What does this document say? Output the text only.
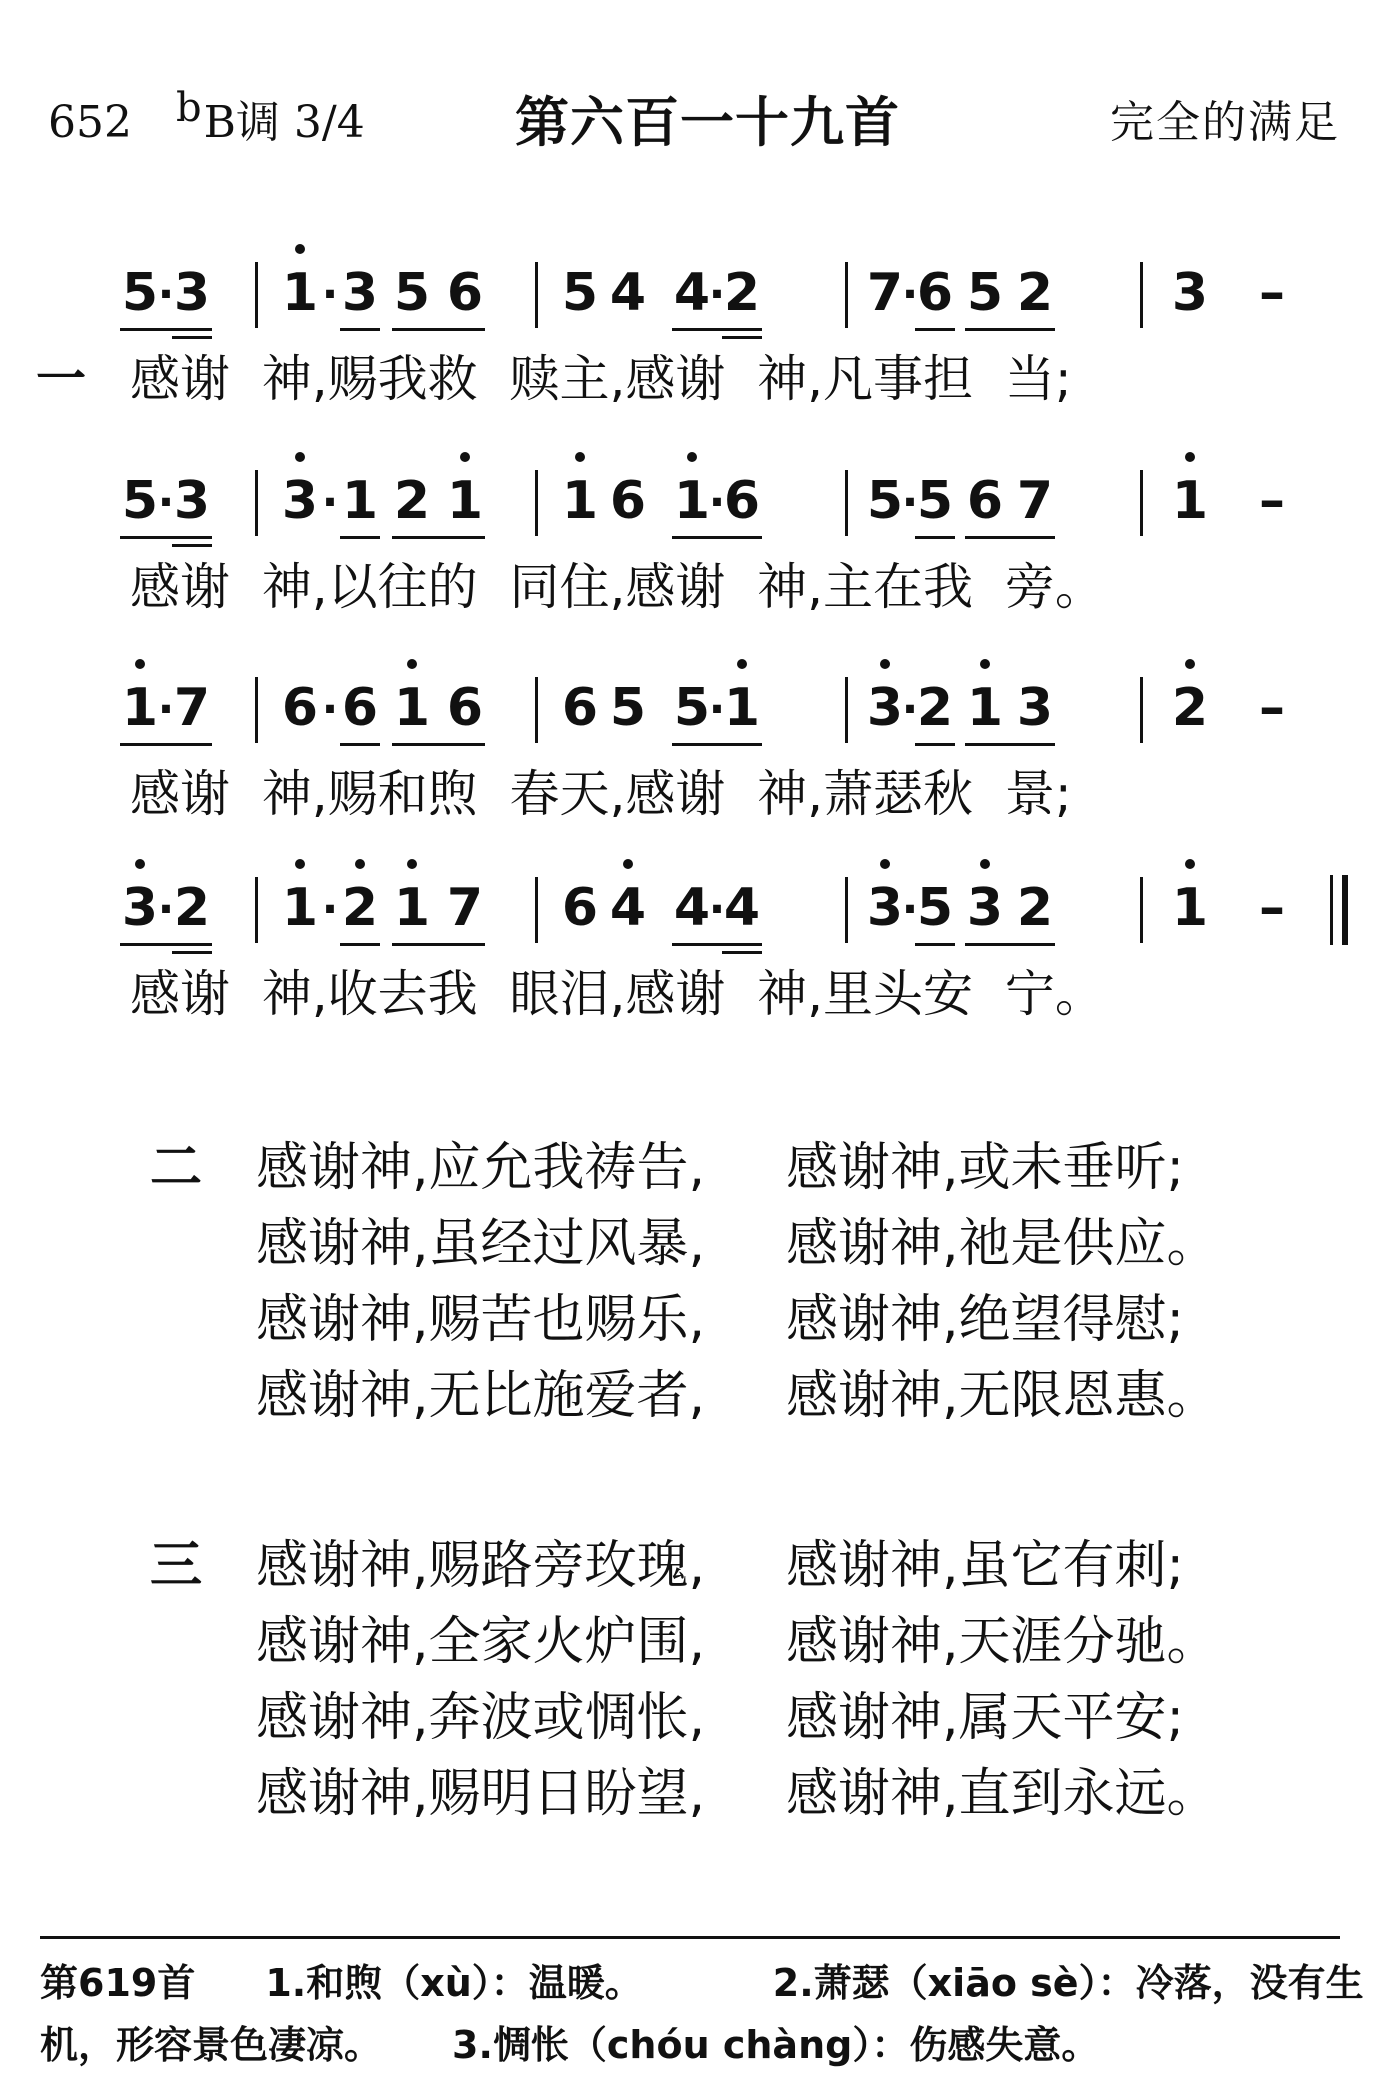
652 bB调 3/4	第六百一十九首	完全的满足
5 3 1 3 5 6 5 4 4 2 7 6 5 2 3 –
·	·	·	·
一 感谢  神,赐我救  赎主,感谢  神,凡事担  当;
5 3 3 1 2 1 1 6 1 6 5 5 6 7 1 –
·	·	·	·
感谢  神,以往的  同住,感谢  神,主在我  旁。
1 7 6 6 1 6 6 5 5 1 3 2 1 3 2 –
·	·	·	·
感谢  神,赐和煦  春天,感谢  神,萧瑟秋  景;
3 2 1 2 1 7 6 4 4 4 3 5 3 2 1 –
·	·	·	·
感谢  神,收去我  眼泪,感谢  神,里头安  宁。
二 感谢神,应允我祷告, 感谢神,或未垂听;
感谢神,虽经过风暴, 感谢神,祂是供应。
感谢神,赐苦也赐乐, 感谢神,绝望得慰;
感谢神,无比施爱者, 感谢神,无限恩惠。
三 感谢神,赐路旁玫瑰, 感谢神,虽它有刺;
感谢神,全家火炉围, 感谢神,天涯分驰。
感谢神,奔波或惆怅, 感谢神,属天平安;
感谢神,赐明日盼望, 感谢神,直到永远。
第619首 1.和煦（xù）：温暖。	2.萧瑟（xiāo sè）：冷落，没有生
机，形容景色凄凉。 3.惆怅（chóu chàng）：伤感失意。
